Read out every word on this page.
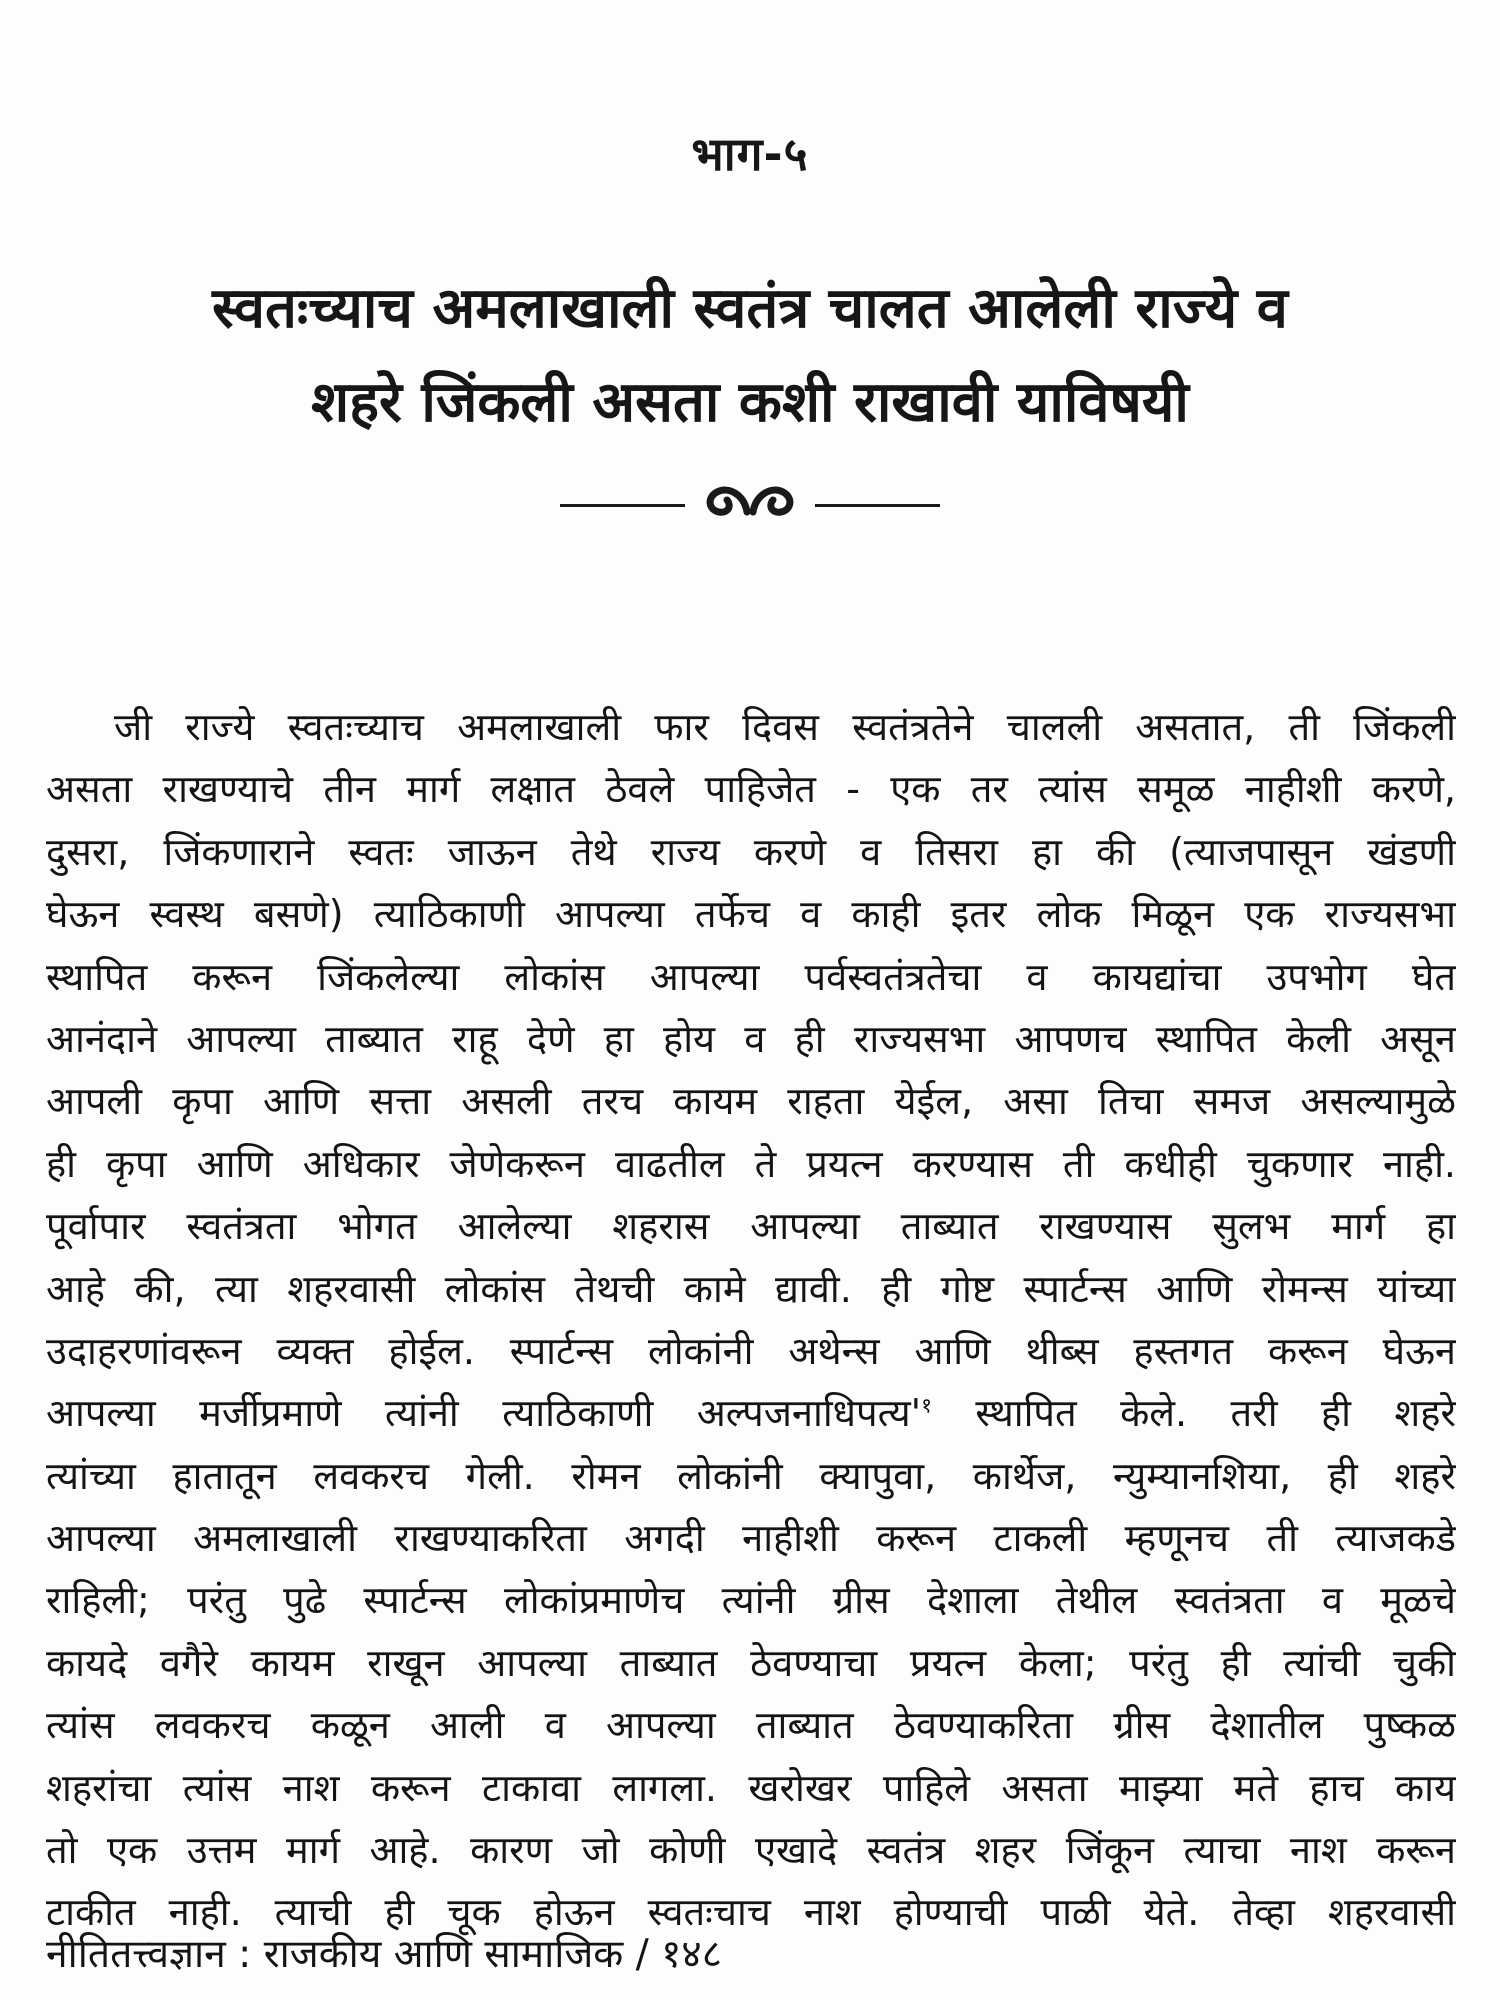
भाग-५
स्वतःच्याच अमलाखाली स्वतंत्र चालत आलेली राज्ये व
शहरे जिंकली असता कशी राखावी याविषयी
जी राज्ये स्वतःच्याच अमलाखाली फार दिवस स्वतंत्रतेने चालली असतात, ती जिंकली
असता राखण्याचे तीन मार्ग लक्षात ठेवले पाहिजेत - एक तर त्यांस समूळ नाहीशी करणे,
दुसरा, जिंकणाराने स्वतः जाऊन तेथे राज्य करणे व तिसरा हा की (त्याजपासून खंडणी
घेऊन स्वस्थ बसणे) त्याठिकाणी आपल्या तर्फेच व काही इतर लोक मिळून एक राज्यसभा
स्थापित करून जिंकलेल्या लोकांस आपल्या पर्वस्वतंत्रतेचा व कायद्यांचा उपभोग घेत
आनंदाने आपल्या ताब्यात राहू देणे हा होय व ही राज्यसभा आपणच स्थापित केली असून
आपली कृपा आणि सत्ता असली तरच कायम राहता येईल, असा तिचा समज असल्यामुळे
ही कृपा आणि अधिकार जेणेकरून वाढतील ते प्रयत्न करण्यास ती कधीही चुकणार नाही.
पूर्वापार स्वतंत्रता भोगत आलेल्या शहरास आपल्या ताब्यात राखण्यास सुलभ मार्ग हा
आहे की, त्या शहरवासी लोकांस तेथची कामे द्यावी. ही गोष्ट स्पार्टन्स आणि रोमन्स यांच्या
उदाहरणांवरून व्यक्त होईल. स्पार्टन्स लोकांनी अथेन्स आणि थीब्स हस्तगत करून घेऊन
आपल्या मर्जीप्रमाणे त्यांनी त्याठिकाणी $अल्पजनाधिपत्य'^१$ स्थापित केले. तरी ही शहरे
त्यांच्या हातातून लवकरच गेली. रोमन लोकांनी क्यापुवा, कार्थेज, न्युम्यानशिया, ही शहरे
आपल्या अमलाखाली राखण्याकरिता अगदी नाहीशी करून टाकली म्हणूनच ती त्याजकडे
राहिली; परंतु पुढे स्पार्टन्स लोकांप्रमाणेच त्यांनी ग्रीस देशाला तेथील स्वतंत्रता व मूळचे
कायदे वगैरे कायम राखून आपल्या ताब्यात ठेवण्याचा प्रयत्न केला; परंतु ही त्यांची चुकी
त्यांस लवकरच कळून आली व आपल्या ताब्यात ठेवण्याकरिता ग्रीस देशातील पुष्कळ
शहरांचा त्यांस नाश करून टाकावा लागला. खरोखर पाहिले असता माझ्या मते हाच काय
तो एक उत्तम मार्ग आहे. कारण जो कोणी एखादे स्वतंत्र शहर जिंकून त्याचा नाश करून
टाकीत नाही. त्याची ही चूक होऊन स्वतःचाच नाश होण्याची पाळी येते. तेव्हा शहरवासी
नीतितत्त्वज्ञान : राजकीय आणि सामाजिक / १४८
